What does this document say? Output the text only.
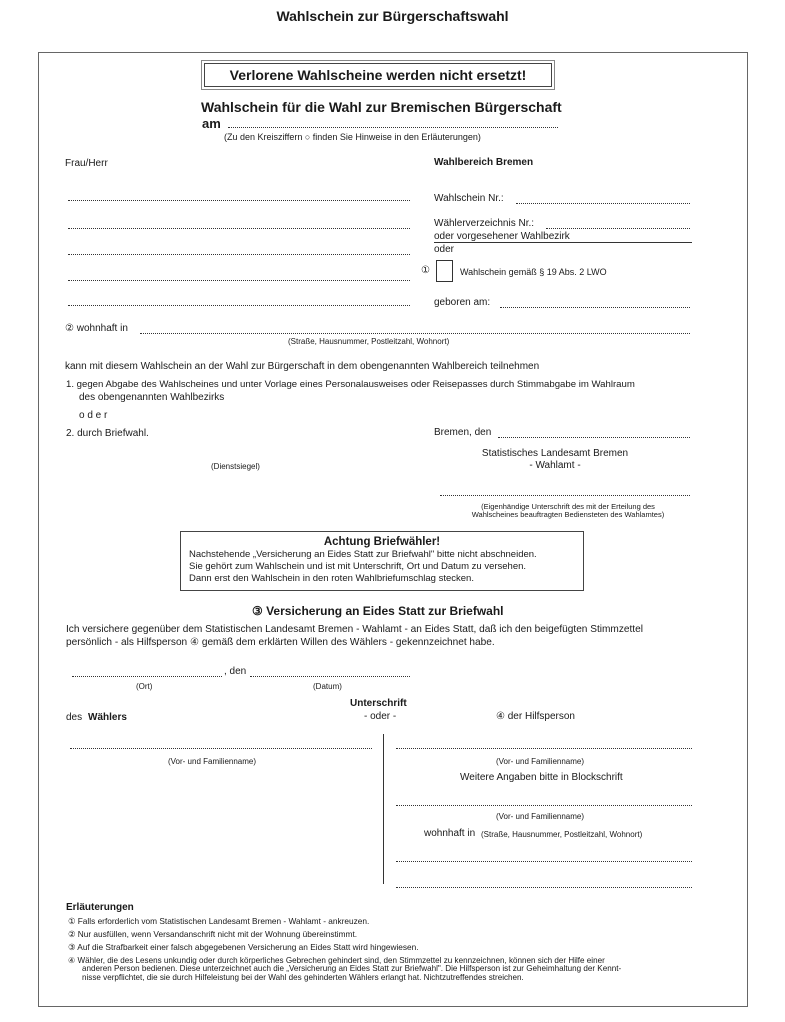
Wahlschein zur Bürgerschaftswahl
Verlorene Wahlscheine werden nicht ersetzt!
Wahlschein für die Wahl zur Bremischen Bürgerschaft
am
(Zu den Kreisziffern ○ finden Sie Hinweise in den Erläuterungen)
Frau/Herr	Wahlbereich Bremen
Wahlschein Nr.:
Wählerverzeichnis Nr.:
oder vorgesehener Wahlbezirk
oder
①	Wahlschein gemäß § 19 Abs. 2 LWO
geboren am:
② wohnhaft in
(Straße, Hausnummer, Postleitzahl, Wohnort)
kann mit diesem Wahlschein an der Wahl zur Bürgerschaft in dem obengenannten Wahlbereich teilnehmen
1. gegen Abgabe des Wahlscheines und unter Vorlage eines Personalausweises oder Reisepasses durch Stimmabgabe im Wahlraum
des obengenannten Wahlbezirks
o d e r
2. durch Briefwahl.	Bremen, den
(Dienstsiegel)
Statistisches Landesamt Bremen
- Wahlamt -
(Eigenhändige Unterschrift des mit der Erteilung des
Wahlscheines beauftragten Bediensteten des Wahlamtes)
Achtung Briefwähler!
Nachstehende „Versicherung an Eides Statt zur Briefwahl" bitte nicht abschneiden.
Sie gehört zum Wahlschein und ist mit Unterschrift, Ort und Datum zu versehen.
Dann erst den Wahlschein in den roten Wahlbriefumschlag stecken.
③ Versicherung an Eides Statt zur Briefwahl
Ich versichere gegenüber dem Statistischen Landesamt Bremen - Wahlamt - an Eides Statt, daß ich den beigefügten Stimmzettel
persönlich - als Hilfsperson ④ gemäß dem erklärten Willen des Wählers - gekennzeichnet habe.
, den
(Ort)	(Datum)
Unterschrift
des Wählers	- oder -	④ der Hilfsperson
(Vor- und Familienname)	(Vor- und Familienname)
Weitere Angaben bitte in Blockschrift
(Vor- und Familienname)
wohnhaft in (Straße, Hausnummer, Postleitzahl, Wohnort)
Erläuterungen
① Falls erforderlich vom Statistischen Landesamt Bremen - Wahlamt - ankreuzen.
② Nur ausfüllen, wenn Versandanschrift nicht mit der Wohnung übereinstimmt.
③ Auf die Strafbarkeit einer falsch abgegebenen Versicherung an Eides Statt wird hingewiesen.
④ Wähler, die des Lesens unkundig oder durch körperliches Gebrechen gehindert sind, den Stimmzettel zu kennzeichnen, können sich der Hilfe einer
anderen Person bedienen. Diese unterzeichnet auch die „Versicherung an Eides Statt zur Briefwahl". Die Hilfsperson ist zur Geheimhaltung der Kennt-
nisse verpflichtet, die sie durch Hilfeleistung bei der Wahl des gehinderten Wählers erlangt hat. Nichtzutreffendes streichen.
